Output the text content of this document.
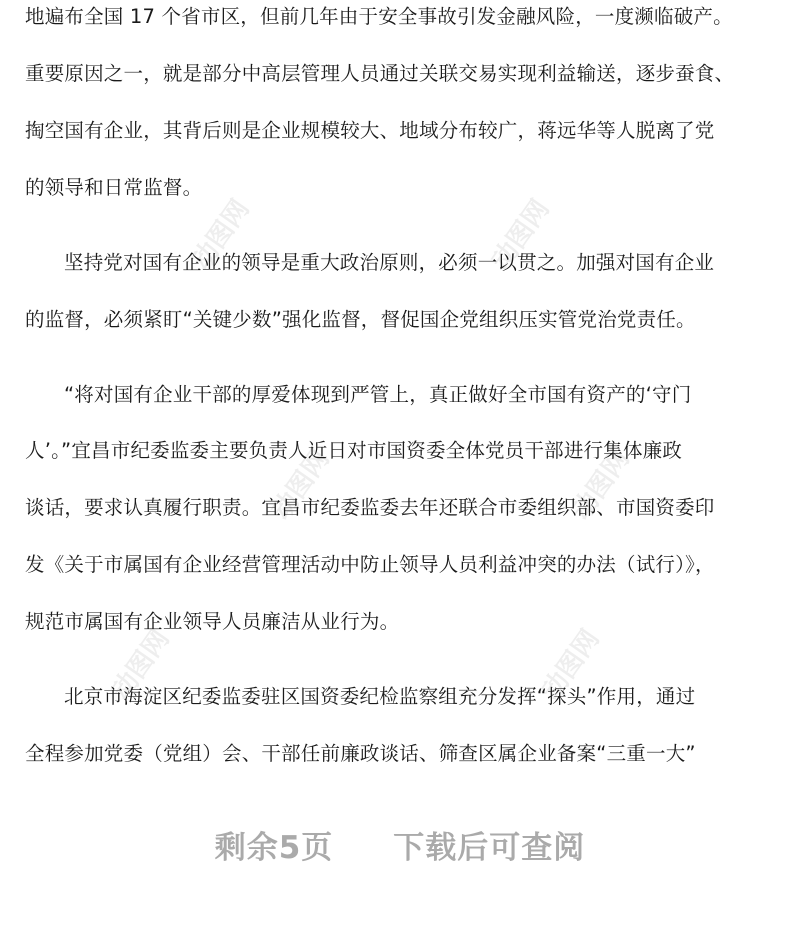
动图网	动图网
动图网	动图网
动图网	动图网
地遍布全国 17 个省市区，但前几年由于安全事故引发金融风险，一度濒临破产。
重要原因之一，就是部分中高层管理人员通过关联交易实现利益输送，逐步蚕食、
掏空国有企业，其背后则是企业规模较大、地域分布较广，蒋远华等人脱离了党
的领导和日常监督。
坚持党对国有企业的领导是重大政治原则，必须一以贯之。加强对国有企业
的监督，必须紧盯“关键少数”强化监督，督促国企党组织压实管党治党责任。
“将对国有企业干部的厚爱体现到严管上，真正做好全市国有资产的‘守门
人’。”宜昌市纪委监委主要负责人近日对市国资委全体党员干部进行集体廉政
谈话，要求认真履行职责。宜昌市纪委监委去年还联合市委组织部、市国资委印
发《关于市属国有企业经营管理活动中防止领导人员利益冲突的办法（试行）》，
规范市属国有企业领导人员廉洁从业行为。
北京市海淀区纪委监委驻区国资委纪检监察组充分发挥“探头”作用，通过
全程参加党委（党组）会、干部任前廉政谈话、筛查区属企业备案“三重一大”
剩余5页 下载后可查阅
